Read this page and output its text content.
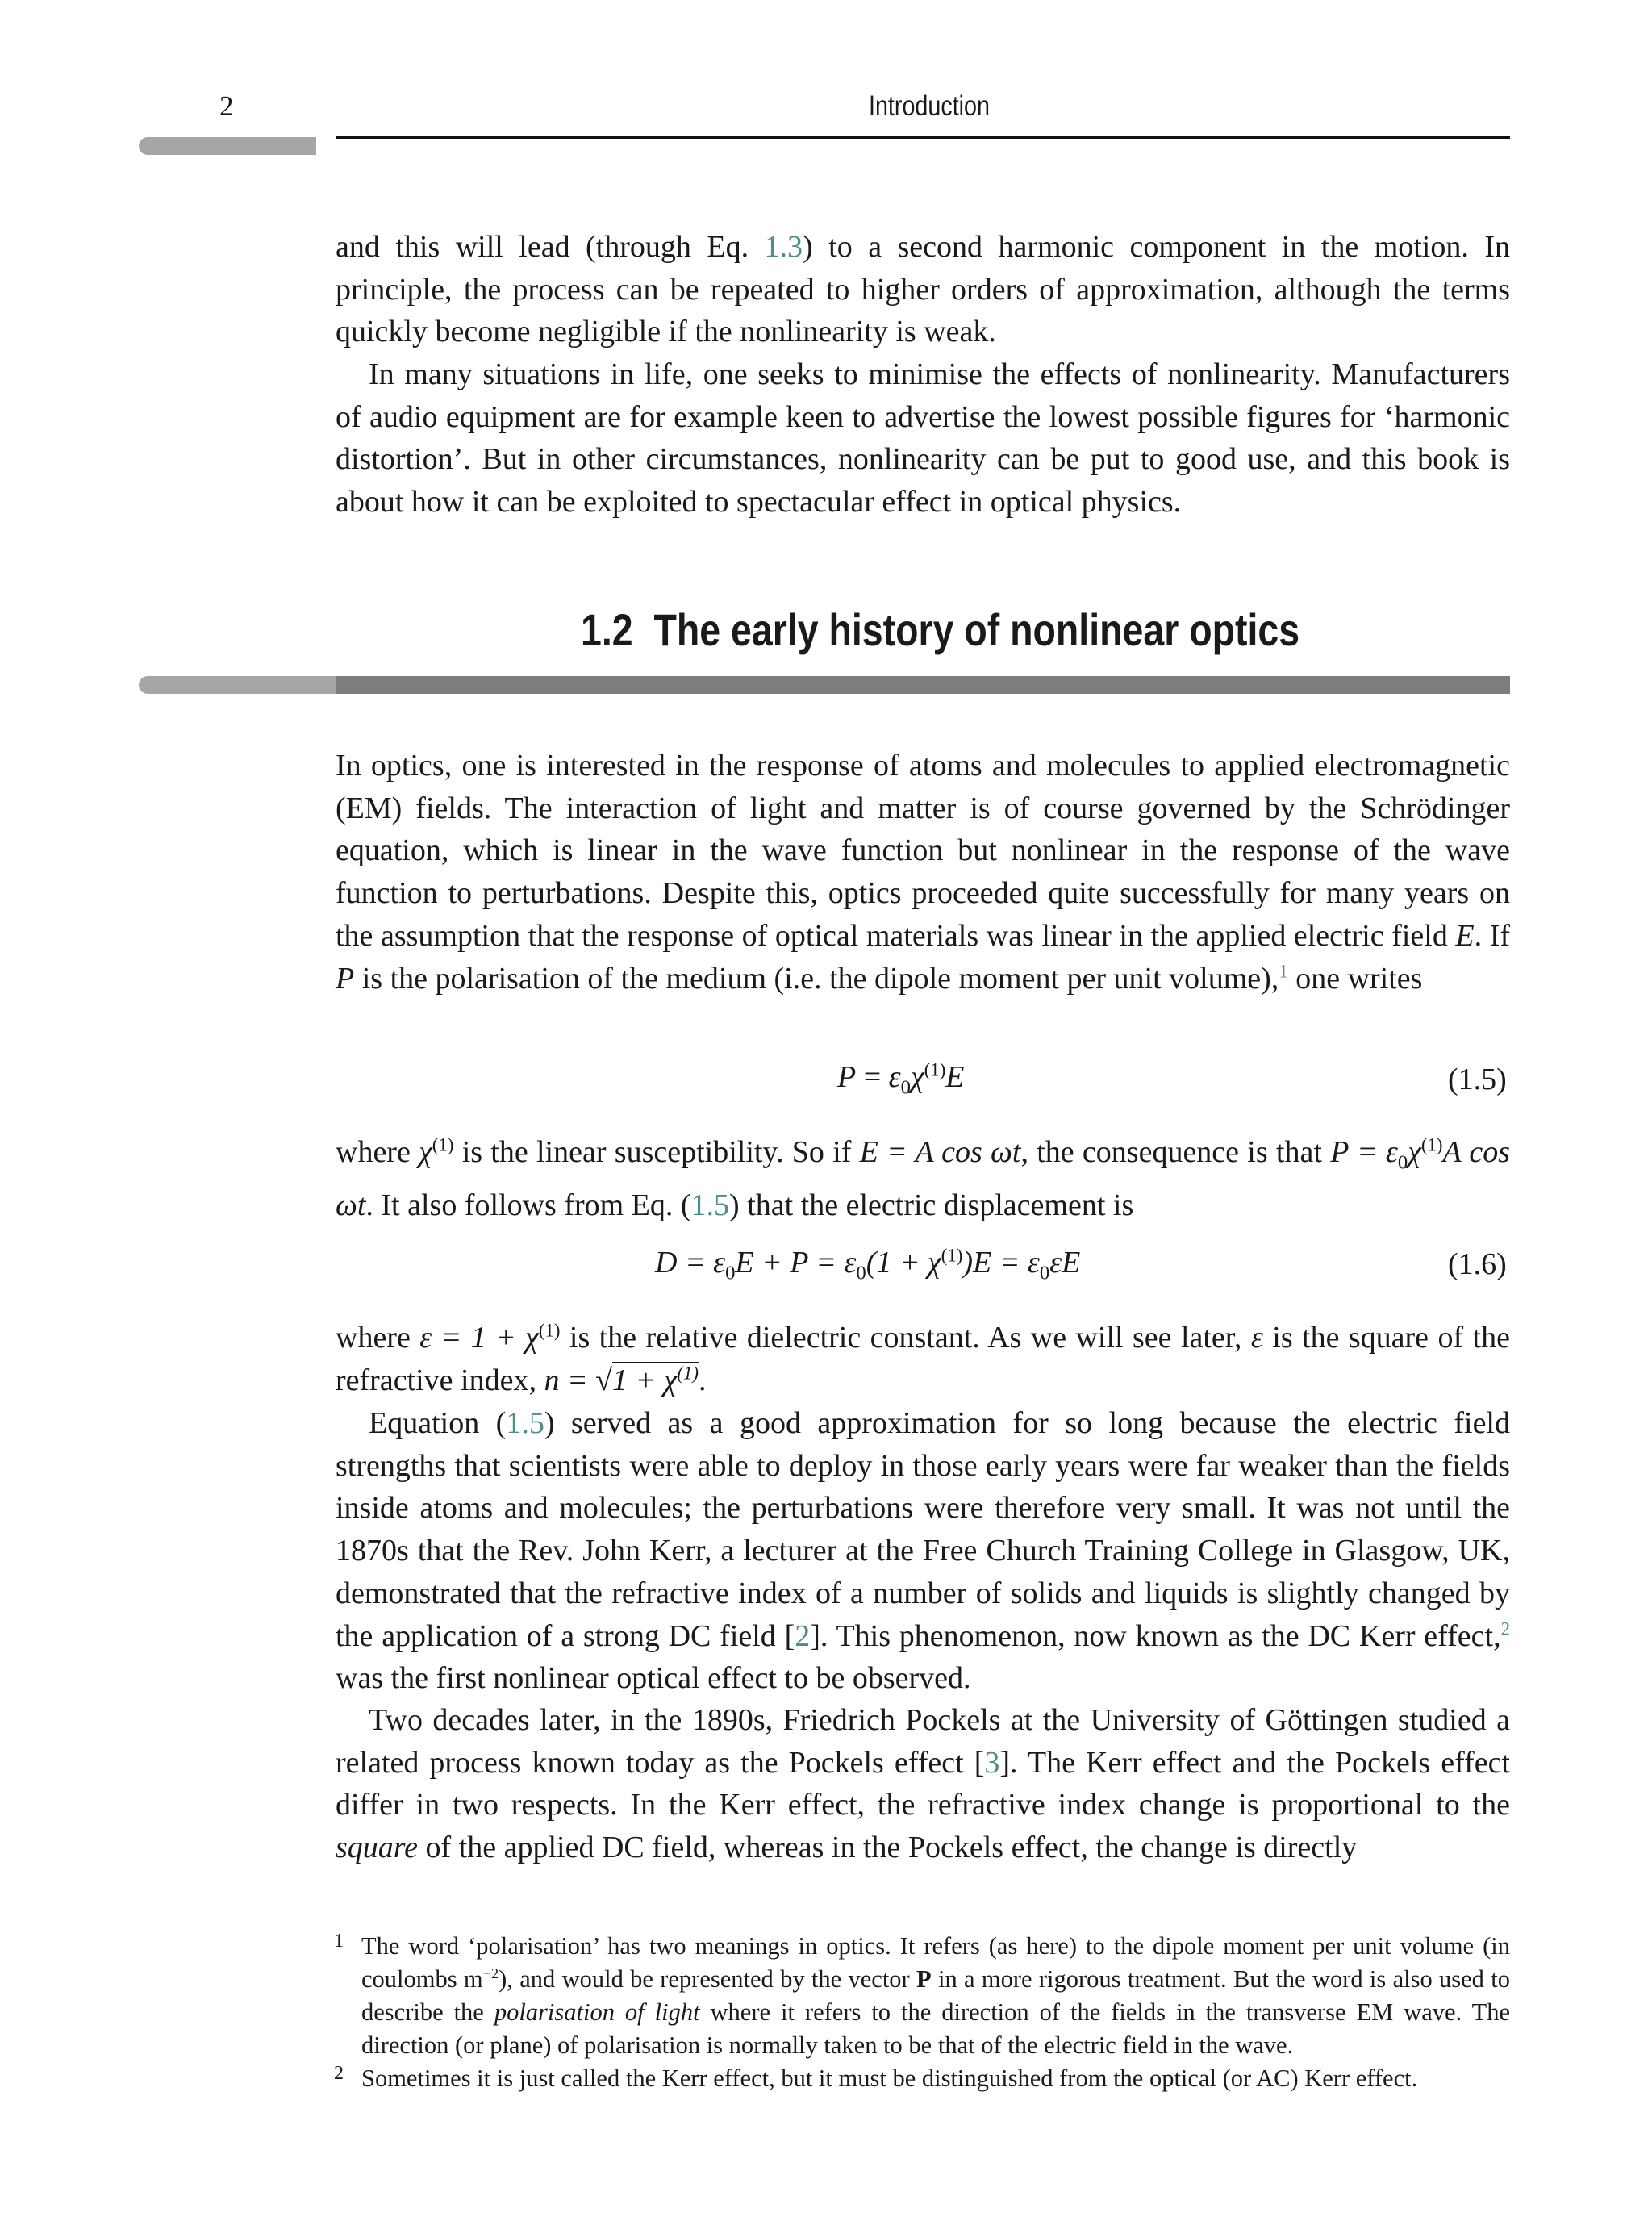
2	Introduction
and this will lead (through Eq. 1.3) to a second harmonic component in the motion. In principle, the process can be repeated to higher orders of approximation, although the terms quickly become negligible if the nonlinearity is weak.
In many situations in life, one seeks to minimise the effects of nonlinearity. Manufacturers of audio equipment are for example keen to advertise the lowest possible figures for ‘harmonic distortion’. But in other circumstances, nonlinearity can be put to good use, and this book is about how it can be exploited to spectacular effect in optical physics.
1.2 The early history of nonlinear optics
In optics, one is interested in the response of atoms and molecules to applied electromagnetic (EM) fields. The interaction of light and matter is of course governed by the Schrödinger equation, which is linear in the wave function but nonlinear in the response of the wave function to perturbations. Despite this, optics proceeded quite successfully for many years on the assumption that the response of optical materials was linear in the applied electric field E. If P is the polarisation of the medium (i.e. the dipole moment per unit volume),$^1$ one writes
$P = \varepsilon_0\chi^{(1)}E$	(1.5)
where $\chi^{(1)}$ is the linear susceptibility. So if E = A cos ωt, the consequence is that $P = \varepsilon_0\chi^{(1)}A$ cos ωt. It also follows from Eq. (1.5) that the electric displacement is
$D = \varepsilon_0E + P = \varepsilon_0(1 + \chi^{(1)})E = \varepsilon_0\varepsilon E$	(1.6)
where $\varepsilon = 1 + \chi^{(1)}$ is the relative dielectric constant. As we will see later, ε is the square of the refractive index, $n = √1 + \chi^{(1)}$.
Equation (1.5) served as a good approximation for so long because the electric field strengths that scientists were able to deploy in those early years were far weaker than the fields inside atoms and molecules; the perturbations were therefore very small. It was not until the 1870s that the Rev. John Kerr, a lecturer at the Free Church Training College in Glasgow, UK, demonstrated that the refractive index of a number of solids and liquids is slightly changed by the application of a strong DC field [2]. This phenomenon, now known as the DC Kerr effect,$^2$ was the first nonlinear optical effect to be observed.
Two decades later, in the 1890s, Friedrich Pockels at the University of Göttingen studied a related process known today as the Pockels effect [3]. The Kerr effect and the Pockels effect differ in two respects. In the Kerr effect, the refractive index change is proportional to the square of the applied DC field, whereas in the Pockels effect, the change is directly
1 The word ‘polarisation’ has two meanings in optics. It refers (as here) to the dipole moment per unit volume (in coulombs $m^{-2}$), and would be represented by the vector P in a more rigorous treatment. But the word is also used to describe the polarisation of light where it refers to the direction of the fields in the transverse EM wave. The direction (or plane) of polarisation is normally taken to be that of the electric field in the wave.
2 Sometimes it is just called the Kerr effect, but it must be distinguished from the optical (or AC) Kerr effect.
